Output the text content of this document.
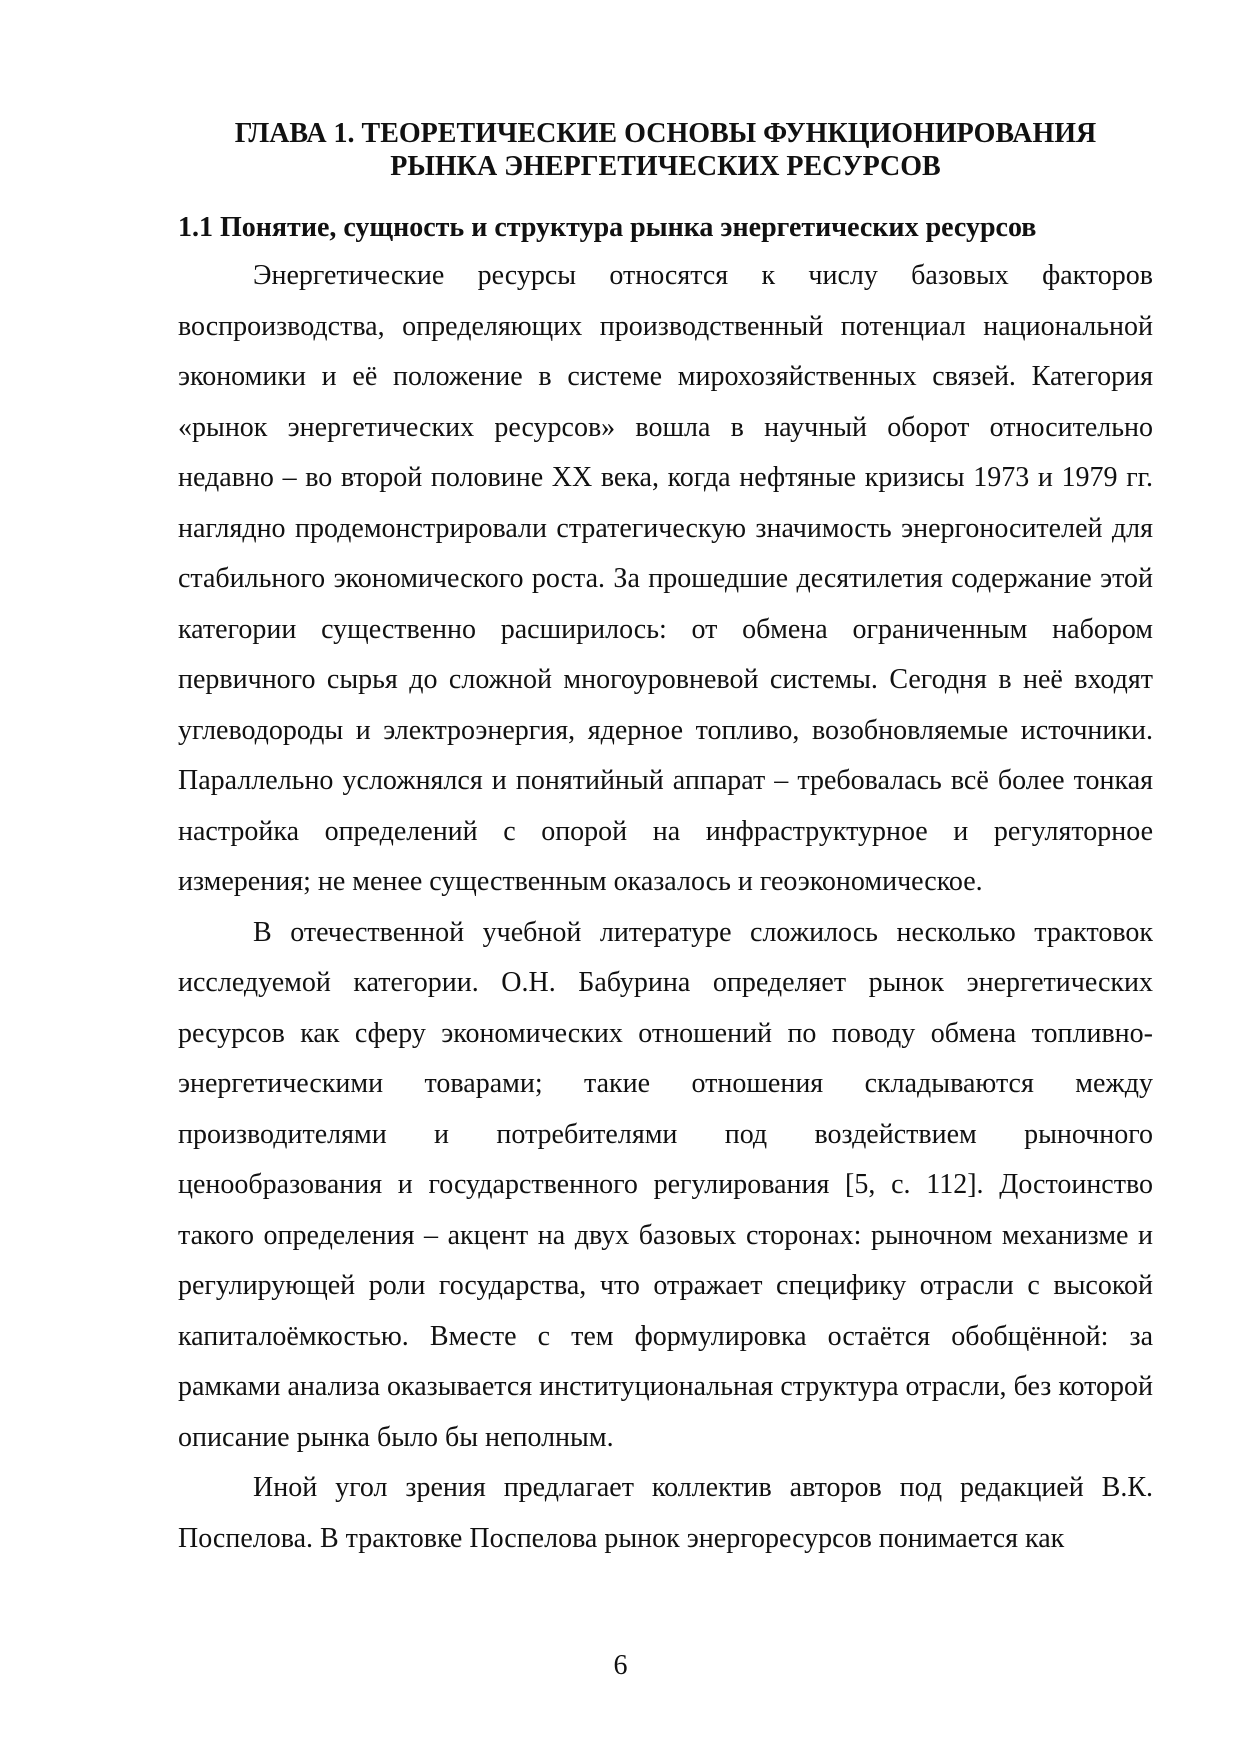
ГЛАВА 1. ТЕОРЕТИЧЕСКИЕ ОСНОВЫ ФУНКЦИОНИРОВАНИЯ
РЫНКА ЭНЕРГЕТИЧЕСКИХ РЕСУРСОВ
1.1 Понятие, сущность и структура рынка энергетических ресурсов

Энергетические ресурсы относятся к числу базовых факторов воспроизводства, определяющих производственный потенциал национальной экономики и её положение в системе мирохозяйственных связей. Категория «рынок энергетических ресурсов» вошла в научный оборот относительно недавно – во второй половине XX века, когда нефтяные кризисы 1973 и 1979 гг. наглядно продемонстрировали стратегическую значимость энергоносителей для стабильного экономического роста. За прошедшие десятилетия содержание этой категории существенно расширилось: от обмена ограниченным набором первичного сырья до сложной многоуровневой системы. Сегодня в неё входят углеводороды и электроэнергия, ядерное топливо, возобновляемые источники. Параллельно усложнялся и понятийный аппарат – требовалась всё более тонкая настройка определений с опорой на инфраструктурное и регуляторное измерения; не менее существенным оказалось и геоэкономическое.

В отечественной учебной литературе сложилось несколько трактовок исследуемой категории. О.Н. Бабурина определяет рынок энергетических ресурсов как сферу экономических отношений по поводу обмена топливно-энергетическими товарами; такие отношения складываются между производителями и потребителями под воздействием рыночного ценообразования и государственного регулирования [5, с. 112]. Достоинство такого определения – акцент на двух базовых сторонах: рыночном механизме и регулирующей роли государства, что отражает специфику отрасли с высокой капиталоёмкостью. Вместе с тем формулировка остаётся обобщённой: за рамками анализа оказывается институциональная структура отрасли, без которой описание рынка было бы неполным.

Иной угол зрения предлагает коллектив авторов под редакцией В.К. Поспелова. В трактовке Поспелова рынок энергоресурсов понимается как

6
